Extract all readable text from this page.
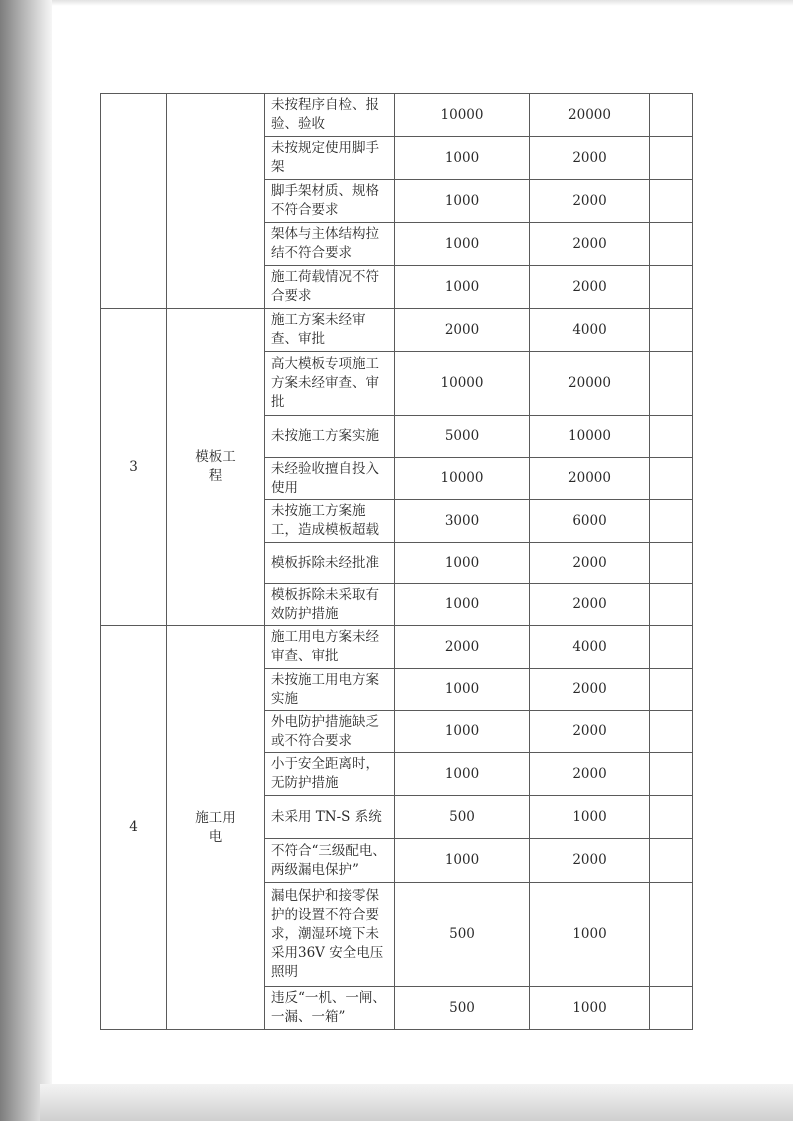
		未按程序自检、报验、验收	10000	20000	
		未按规定使用脚手架	1000	2000	
		脚手架材质、规格不符合要求	1000	2000	
		架体与主体结构拉结不符合要求	1000	2000	
		施工荷载情况不符合要求	1000	2000	
3	模板工程	施工方案未经审查、审批	2000	4000	
		高大模板专项施工方案未经审查、审批	10000	20000	
		未按施工方案实施	5000	10000	
		未经验收擅自投入使用	10000	20000	
		未按施工方案施工，造成模板超载	3000	6000	
		模板拆除未经批准	1000	2000	
		模板拆除未采取有效防护措施	1000	2000	
4	施工用电	施工用电方案未经审查、审批	2000	4000	
		未按施工用电方案实施	1000	2000	
		外电防护措施缺乏或不符合要求	1000	2000	
		小于安全距离时，无防护措施	1000	2000	
		未采用 TN-S 系统	500	1000	
		不符合“三级配电、两级漏电保护”	1000	2000	
		漏电保护和接零保护的设置不符合要求，潮湿环境下未采用36V 安全电压照明	500	1000	
		违反“一机、一闸、一漏、一箱”	500	1000	
